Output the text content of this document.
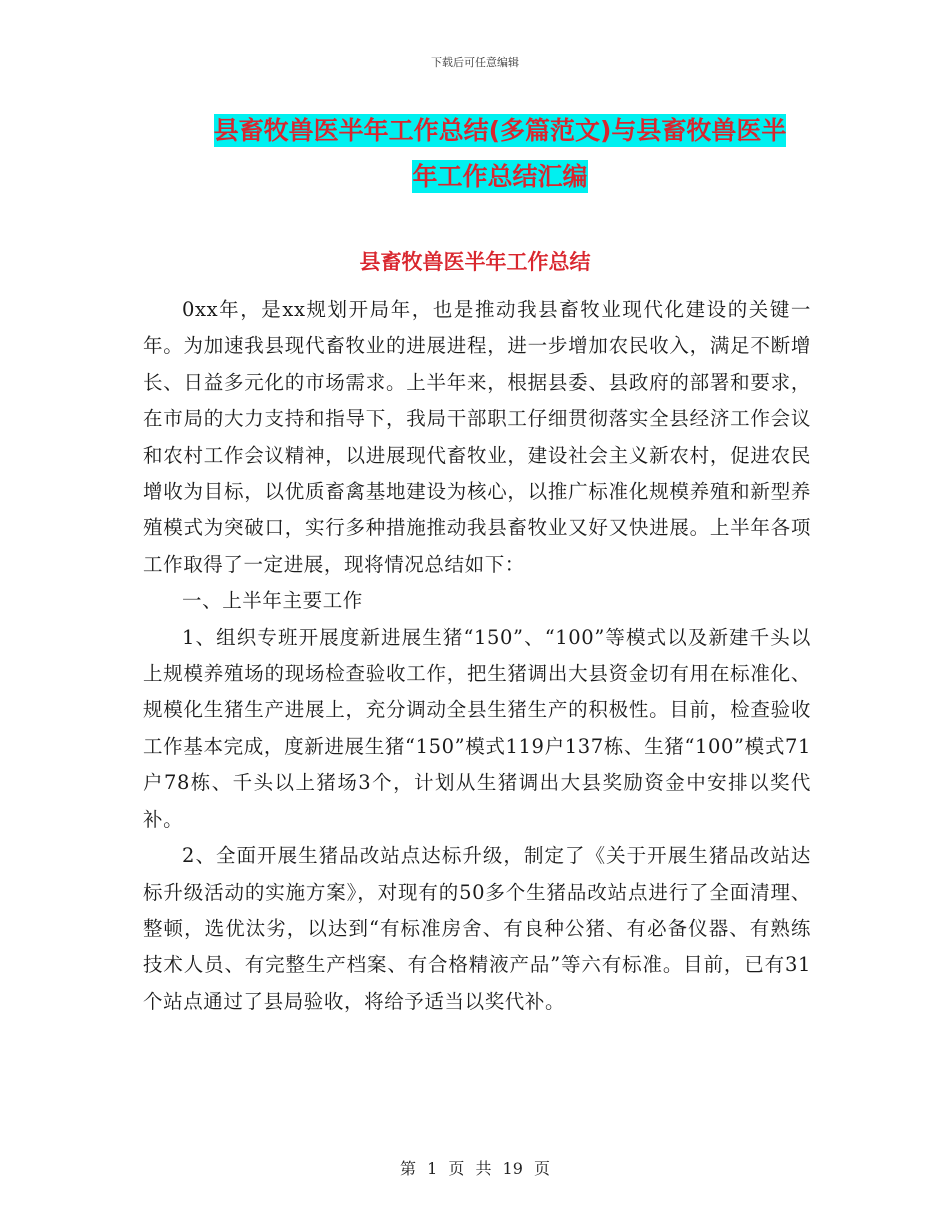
下载后可任意编辑
县畜牧兽医半年工作总结(多篇范文)与县畜牧兽医半
年工作总结汇编
县畜牧兽医半年工作总结

0xx年，是xx规划开局年，也是推动我县畜牧业现代化建设的关键一年。为加速我县现代畜牧业的进展进程，进一步增加农民收入，满足不断增长、日益多元化的市场需求。上半年来，根据县委、县政府的部署和要求，在市局的大力支持和指导下，我局干部职工仔细贯彻落实全县经济工作会议和农村工作会议精神，以进展现代畜牧业，建设社会主义新农村，促进农民增收为目标，以优质畜禽基地建设为核心，以推广标准化规模养殖和新型养殖模式为突破口，实行多种措施推动我县畜牧业又好又快进展。上半年各项工作取得了一定进展，现将情况总结如下：

一、上半年主要工作

1、组织专班开展度新进展生猪“150”、“100”等模式以及新建千头以上规模养殖场的现场检查验收工作，把生猪调出大县资金切有用在标准化、规模化生猪生产进展上，充分调动全县生猪生产的积极性。目前，检查验收工作基本完成，度新进展生猪“150”模式119户137栋、生猪“100”模式71户78栋、千头以上猪场3个，计划从生猪调出大县奖励资金中安排以奖代补。

2、全面开展生猪品改站点达标升级，制定了《关于开展生猪品改站达标升级活动的实施方案》，对现有的50多个生猪品改站点进行了全面清理、整顿，选优汰劣，以达到“有标准房舍、有良种公猪、有必备仪器、有熟练技术人员、有完整生产档案、有合格精液产品”等六有标准。目前，已有31个站点通过了县局验收，将给予适当以奖代补。

第 1 页 共 19 页
